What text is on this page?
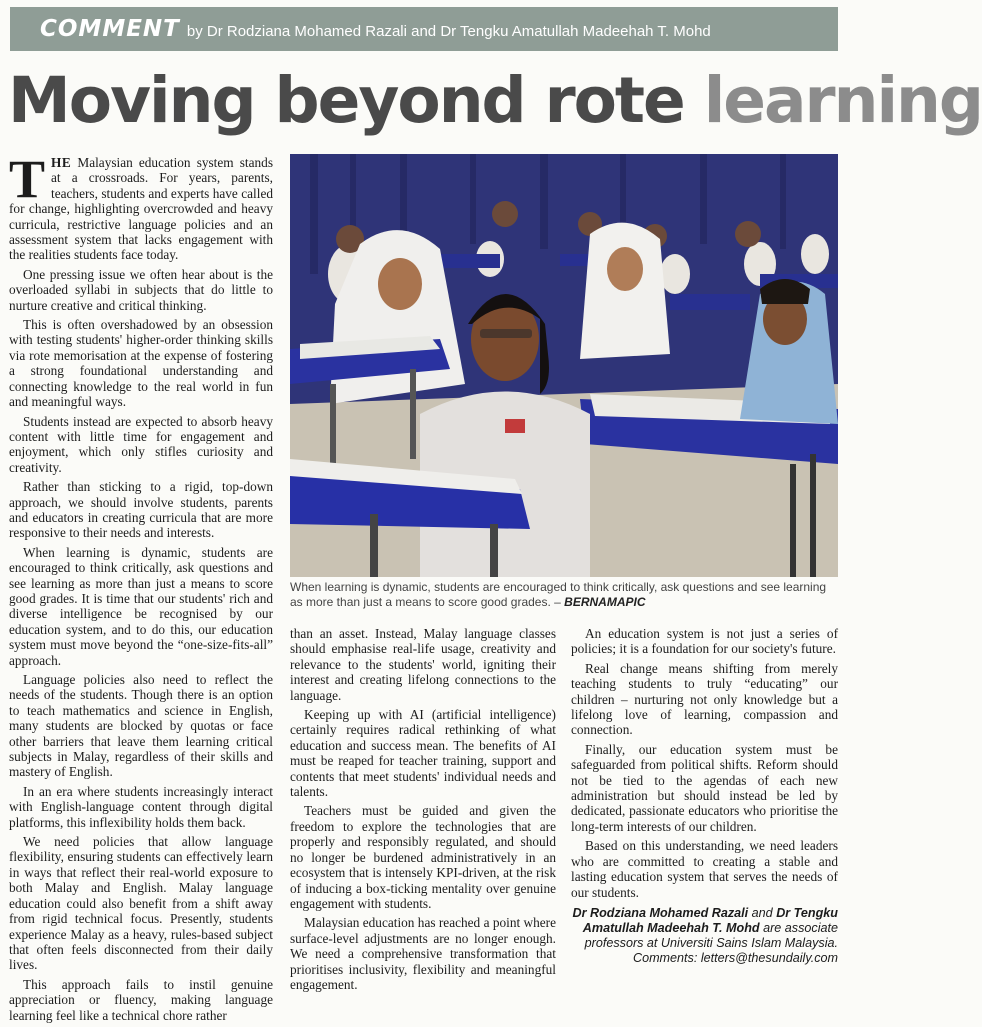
COMMENT by Dr Rodziana Mohamed Razali and Dr Tengku Amatullah Madeehah T. Mohd
Moving beyond rote learning

THE Malaysian education system stands at a crossroads. For years, parents, teachers, students and experts have called for change, highlighting overcrowded and heavy curricula, restrictive language policies and an assessment system that lacks engagement with the realities students face today.

One pressing issue we often hear about is the overloaded syllabi in subjects that do little to nurture creative and critical thinking.

This is often overshadowed by an obsession with testing students' higher-order thinking skills via rote memorisation at the expense of fostering a strong foundational understanding and connecting knowledge to the real world in fun and meaningful ways.

Students instead are expected to absorb heavy content with little time for engagement and enjoyment, which only stifles curiosity and creativity.

Rather than sticking to a rigid, top-down approach, we should involve students, parents and educators in creating curricula that are more responsive to their needs and interests.

When learning is dynamic, students are encouraged to think critically, ask questions and see learning as more than just a means to score good grades. It is time that our students' rich and diverse intelligence be recognised by our education system, and to do this, our education system must move beyond the “one-size-fits-all” approach.

Language policies also need to reflect the needs of the students. Though there is an option to teach mathematics and science in English, many students are blocked by quotas or face other barriers that leave them learning critical subjects in Malay, regardless of their skills and mastery of English.

In an era where students increasingly interact with English-language content through digital platforms, this inflexibility holds them back.

We need policies that allow language flexibility, ensuring students can effectively learn in ways that reflect their real-world exposure to both Malay and English. Malay language education could also benefit from a shift away from rigid technical focus. Presently, students experience Malay as a heavy, rules-based subject that often feels disconnected from their daily lives.

This approach fails to instil genuine appreciation or fluency, making language learning feel like a technical chore rather

When learning is dynamic, students are encouraged to think critically, ask questions and see learning as more than just a means to score good grades. – BERNAMAPIC

than an asset. Instead, Malay language classes should emphasise real-life usage, creativity and relevance to the students' world, igniting their interest and creating lifelong connections to the language.

Keeping up with AI (artificial intelligence) certainly requires radical rethinking of what education and success mean. The benefits of AI must be reaped for teacher training, support and contents that meet students' individual needs and talents.

Teachers must be guided and given the freedom to explore the technologies that are properly and responsibly regulated, and should no longer be burdened administratively in an ecosystem that is intensely KPI-driven, at the risk of inducing a box-ticking mentality over genuine engagement with students.

Malaysian education has reached a point where surface-level adjustments are no longer enough. We need a comprehensive transformation that prioritises inclusivity, flexibility and meaningful engagement.

An education system is not just a series of policies; it is a foundation for our society's future.

Real change means shifting from merely teaching students to truly “educating” our children – nurturing not only knowledge but a lifelong love of learning, compassion and connection.

Finally, our education system must be safeguarded from political shifts. Reform should not be tied to the agendas of each new administration but should instead be led by dedicated, passionate educators who prioritise the long-term interests of our children.

Based on this understanding, we need leaders who are committed to creating a stable and lasting education system that serves the needs of our students.

Dr Rodziana Mohamed Razali and Dr Tengku Amatullah Madeehah T. Mohd are associate professors at Universiti Sains Islam Malaysia.
Comments: letters@thesundaily.com
